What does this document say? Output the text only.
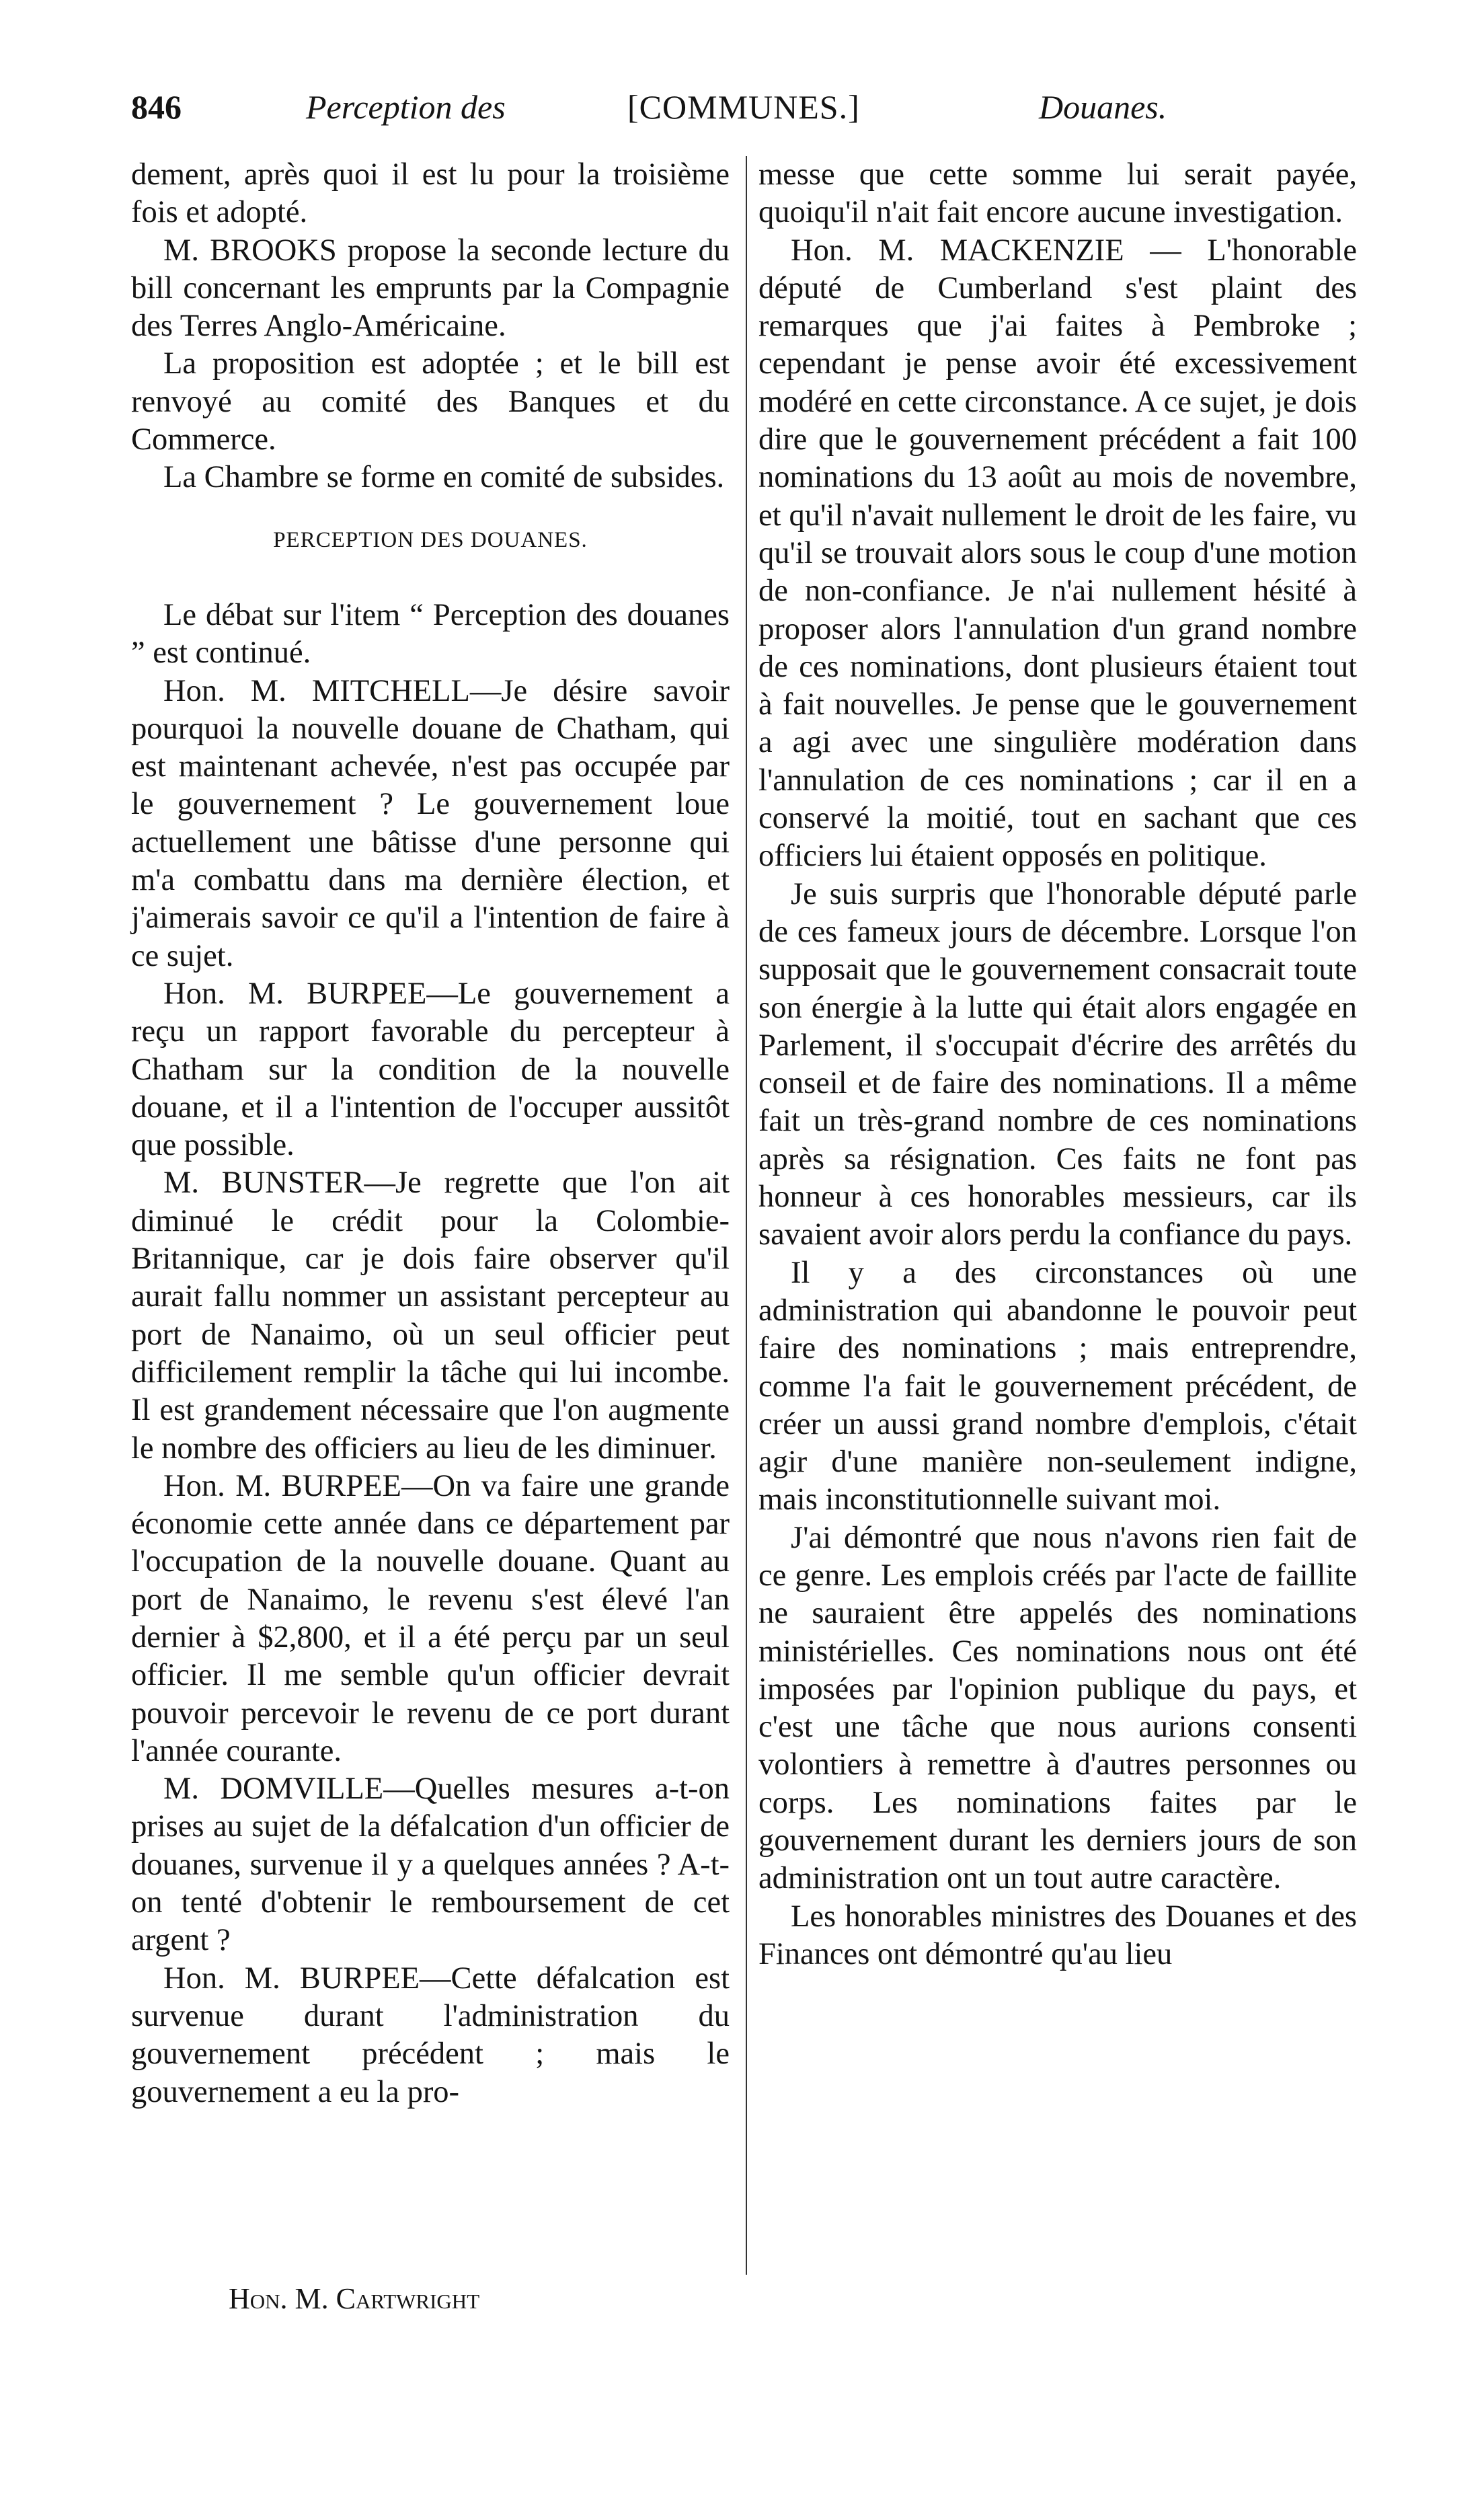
846	Perception des	[COMMUNES.]	Douanes.

dement, après quoi il est lu pour la troisième fois et adopté.

M. BROOKS propose la seconde lecture du bill concernant les emprunts par la Compagnie des Terres Anglo-Américaine.

La proposition est adoptée ; et le bill est renvoyé au comité des Banques et du Commerce.

La Chambre se forme en comité de subsides.

PERCEPTION DES DOUANES.

Le débat sur l'item “ Perception des douanes ” est continué.

Hon. M. MITCHELL—Je désire savoir pourquoi la nouvelle douane de Chatham, qui est maintenant achevée, n'est pas occupée par le gouvernement ? Le gouvernement loue actuellement une bâtisse d'une personne qui m'a combattu dans ma dernière élection, et j'aimerais savoir ce qu'il a l'intention de faire à ce sujet.

Hon. M. BURPEE—Le gouvernement a reçu un rapport favorable du percepteur à Chatham sur la condition de la nouvelle douane, et il a l'intention de l'occuper aussitôt que possible.

M. BUNSTER—Je regrette que l'on ait diminué le crédit pour la Colombie-Britannique, car je dois faire observer qu'il aurait fallu nommer un assistant percepteur au port de Nanaimo, où un seul officier peut difficilement remplir la tâche qui lui incombe. Il est grandement nécessaire que l'on augmente le nombre des officiers au lieu de les diminuer.

Hon. M. BURPEE—On va faire une grande économie cette année dans ce département par l'occupation de la nouvelle douane. Quant au port de Nanaimo, le revenu s'est élevé l'an dernier à $2,800, et il a été perçu par un seul officier. Il me semble qu'un officier devrait pouvoir percevoir le revenu de ce port durant l'année courante.

M. DOMVILLE—Quelles mesures a-t-on prises au sujet de la défalcation d'un officier de douanes, survenue il y a quelques années ? A-t-on tenté d'obtenir le remboursement de cet argent ?

Hon. M. BURPEE—Cette défalcation est survenue durant l'administration du gouvernement précédent ; mais le gouvernement a eu la pro-

messe que cette somme lui serait payée, quoiqu'il n'ait fait encore aucune investigation.

Hon. M. MACKENZIE — L'honorable député de Cumberland s'est plaint des remarques que j'ai faites à Pembroke ; cependant je pense avoir été excessivement modéré en cette circonstance. A ce sujet, je dois dire que le gouvernement précédent a fait 100 nominations du 13 août au mois de novembre, et qu'il n'avait nullement le droit de les faire, vu qu'il se trouvait alors sous le coup d'une motion de non-confiance. Je n'ai nullement hésité à proposer alors l'annulation d'un grand nombre de ces nominations, dont plusieurs étaient tout à fait nouvelles. Je pense que le gouvernement a agi avec une singulière modération dans l'annulation de ces nominations ; car il en a conservé la moitié, tout en sachant que ces officiers lui étaient opposés en politique.

Je suis surpris que l'honorable député parle de ces fameux jours de décembre. Lorsque l'on supposait que le gouvernement consacrait toute son énergie à la lutte qui était alors engagée en Parlement, il s'occupait d'écrire des arrêtés du conseil et de faire des nominations. Il a même fait un très-grand nombre de ces nominations après sa résignation. Ces faits ne font pas honneur à ces honorables messieurs, car ils savaient avoir alors perdu la confiance du pays.

Il y a des circonstances où une administration qui abandonne le pouvoir peut faire des nominations ; mais entreprendre, comme l'a fait le gouvernement précédent, de créer un aussi grand nombre d'emplois, c'était agir d'une manière non-seulement indigne, mais inconstitutionnelle suivant moi.

J'ai démontré que nous n'avons rien fait de ce genre. Les emplois créés par l'acte de faillite ne sauraient être appelés des nominations ministérielles. Ces nominations nous ont été imposées par l'opinion publique du pays, et c'est une tâche que nous aurions consenti volontiers à remettre à d'autres personnes ou corps. Les nominations faites par le gouvernement durant les derniers jours de son administration ont un tout autre caractère.

Les honorables ministres des Douanes et des Finances ont démontré qu'au lieu

Hon. M. Cartwright
